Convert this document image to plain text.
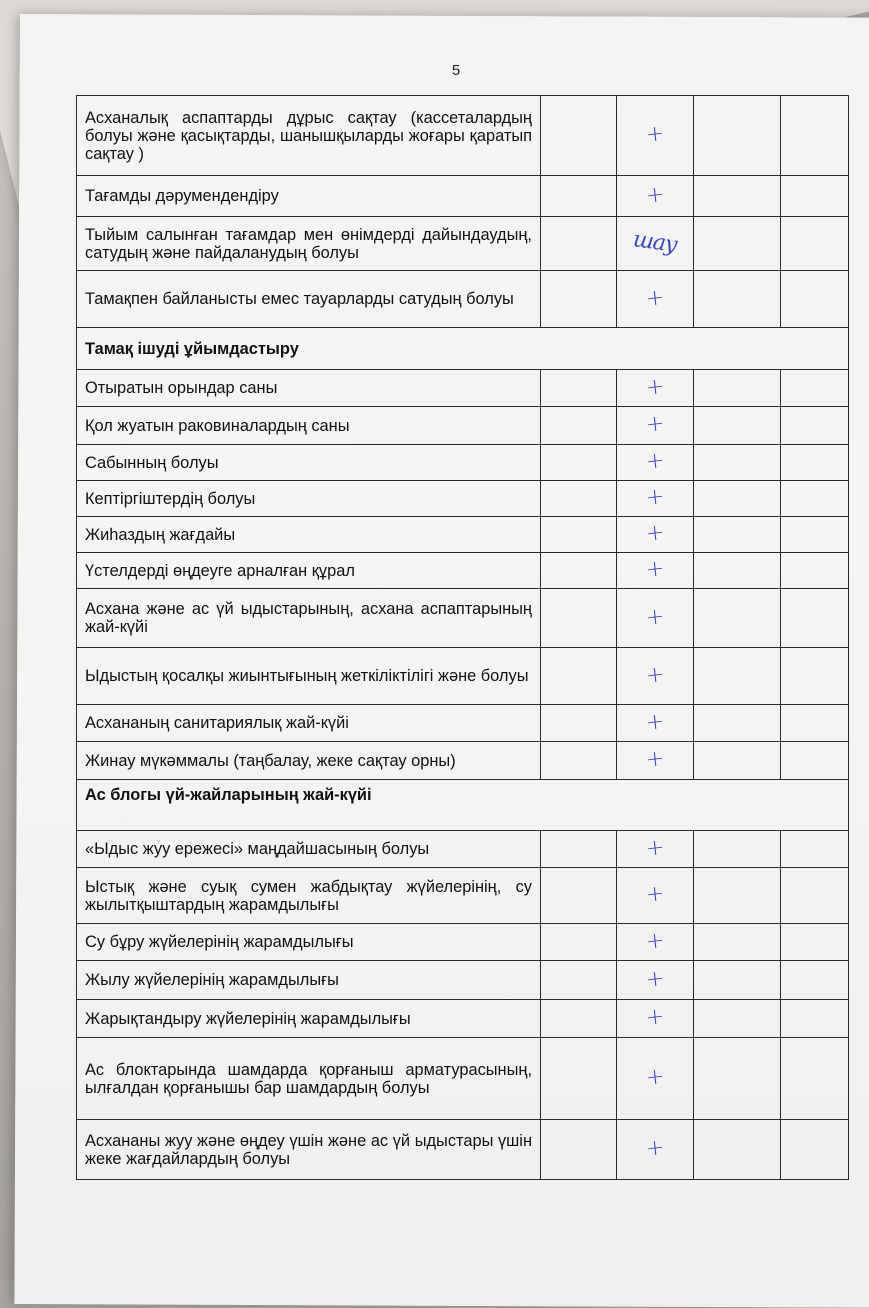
5
Асханалық аспаптарды дұрыс сақтау (кассеталардың болуы және қасықтарды, шанышқыларды жоғары қаратып сақтау )		+		
Тағамды дәрумендендіру		+		
Тыйым салынған тағамдар мен өнімдерді дайындаудың, сатудың және пайдаланудың болуы		шау		
Тамақпен байланысты емес тауарларды сатудың болуы		+		
Тамақ ішуді ұйымдастыру				
Отыратын орындар саны		+		
Қол жуатын раковиналардың саны		+		
Сабынның болуы		+		
Кептіргіштердің болуы		+		
Жиһаздың жағдайы		+		
Үстелдерді өңдеуге арналған құрал		+		
Асхана және ас үй ыдыстарының, асхана аспаптарының жай-күйі		+		
Ыдыстың қосалқы жиынтығының жеткіліктілігі және болуы		+		
Асхананың санитариялық жай-күйі		+		
Жинау мүкәммалы (таңбалау, жеке сақтау орны)		+		
Ас блогы үй-жайларының жай-күйі				
«Ыдыс жуу ережесі» маңдайшасының болуы		+		
Ыстық және суық сумен жабдықтау жүйелерінің, су жылытқыштардың жарамдылығы		+		
Су бұру жүйелерінің жарамдылығы		+		
Жылу жүйелерінің жарамдылығы		+		
Жарықтандыру жүйелерінің жарамдылығы		+		
Ас блоктарында шамдарда қорғаныш арматурасының, ылғалдан қорғанышы бар шамдардың болуы		+		
Асхананы жуу және өңдеу үшін және ас үй ыдыстары үшін жеке жағдайлардың болуы		+		
